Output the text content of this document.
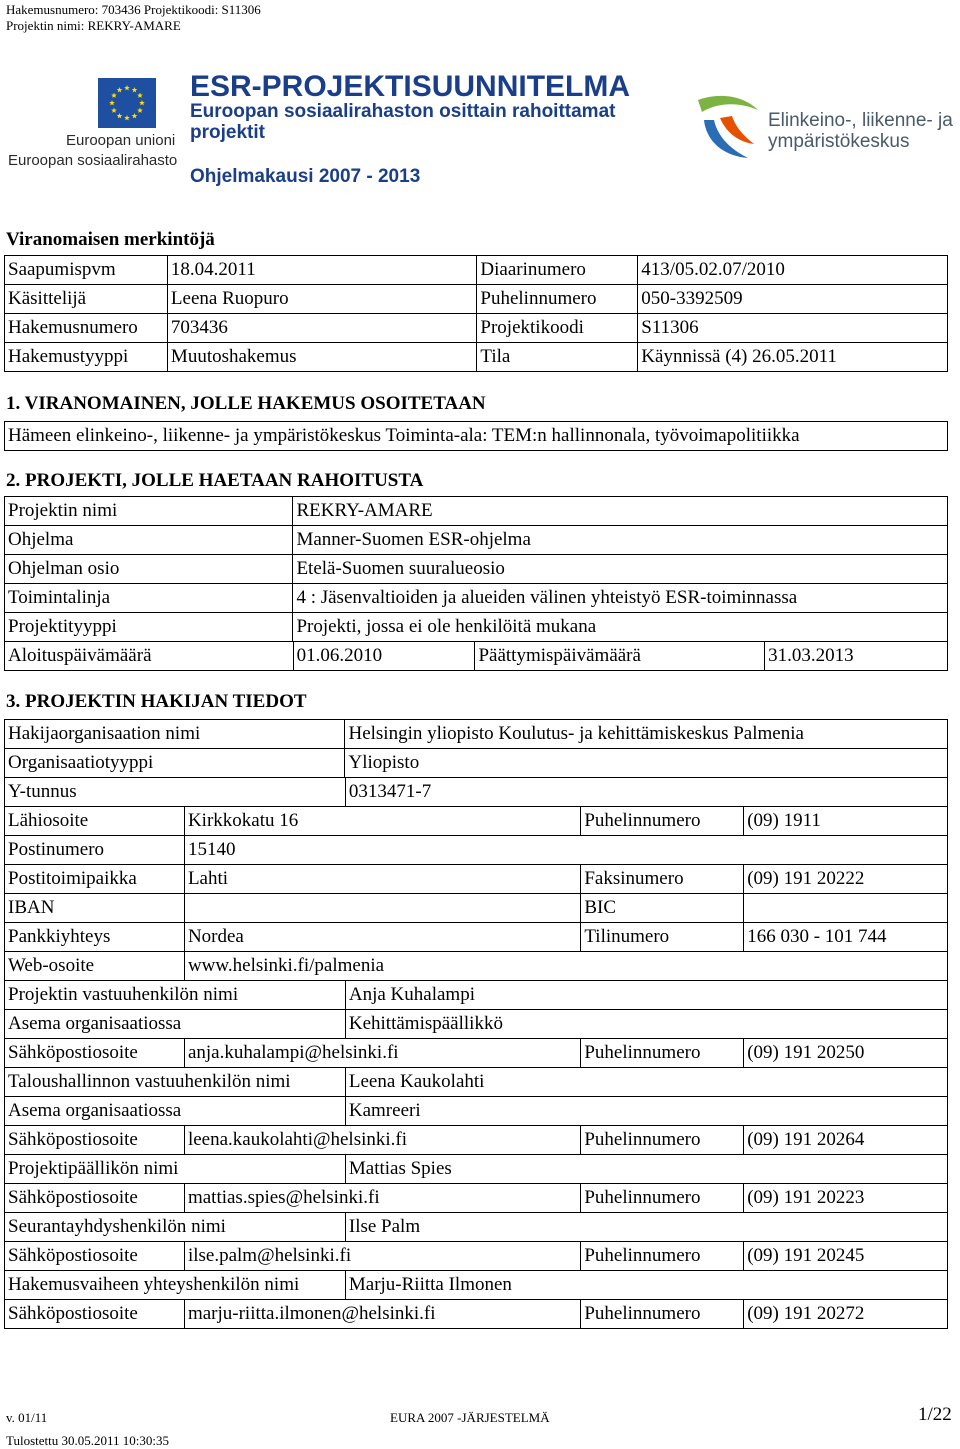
Hakemusnumero: 703436 Projektikoodi: S11306
Projektin nimi: REKRY-AMARE
Euroopan unioni
Euroopan sosiaalirahasto
ESR-PROJEKTISUUNNITELMA
Euroopan sosiaalirahaston osittain rahoittamat projektit
Ohjelmakausi 2007 - 2013
Elinkeino-, liikenne- ja
ympäristökeskus
Viranomaisen merkintöjä
Saapumispvm	18.04.2011	Diaarinumero	413/05.02.07/2010
Käsittelijä	Leena Ruopuro	Puhelinnumero	050-3392509
Hakemusnumero	703436	Projektikoodi	S11306
Hakemustyyppi	Muutoshakemus	Tila	Käynnissä (4) 26.05.2011
1. VIRANOMAINEN, JOLLE HAKEMUS OSOITETAAN
Hämeen elinkeino-, liikenne- ja ympäristökeskus Toiminta-ala: TEM:n hallinnonala, työvoimapolitiikka
2. PROJEKTI, JOLLE HAETAAN RAHOITUSTA
Projektin nimi	REKRY-AMARE
Ohjelma	Manner-Suomen ESR-ohjelma
Ohjelman osio	Etelä-Suomen suuralueosio
Toimintalinja	4 : Jäsenvaltioiden ja alueiden välinen yhteistyö ESR-toiminnassa
Projektityyppi	Projekti, jossa ei ole henkilöitä mukana
Aloituspäivämäärä	01.06.2010	Päättymispäivämäärä	31.03.2013
3. PROJEKTIN HAKIJAN TIEDOT
Hakijaorganisaation nimi	Helsingin yliopisto Koulutus- ja kehittämiskeskus Palmenia
Organisaatiotyyppi	Yliopisto
Y-tunnus		0313471-7		
Lähiosoite	Kirkkokatu 16		Puhelinnumero	(09) 1911
Postinumero	15140			
Postitoimipaikka	Lahti		Faksinumero	(09) 191 20222
IBAN			BIC	
Pankkiyhteys	Nordea		Tilinumero	166 030 - 101 744
Web-osoite	www.helsinki.fi/palmenia			
Projektin vastuuhenkilön nimi		Anja Kuhalampi		
Asema organisaatiossa		Kehittämispäällikkö		
Sähköpostiosoite	anja.kuhalampi@helsinki.fi		Puhelinnumero	(09) 191 20250
Taloushallinnon vastuuhenkilön nimi		Leena Kaukolahti		
Asema organisaatiossa		Kamreeri		
Sähköpostiosoite	leena.kaukolahti@helsinki.fi		Puhelinnumero	(09) 191 20264
Projektipäällikön nimi		Mattias Spies		
Sähköpostiosoite	mattias.spies@helsinki.fi		Puhelinnumero	(09) 191 20223
Seurantayhdyshenkilön nimi		Ilse Palm		
Sähköpostiosoite	ilse.palm@helsinki.fi		Puhelinnumero	(09) 191 20245
Hakemusvaiheen yhteyshenkilön nimi		Marju-Riitta Ilmonen		
Sähköpostiosoite	marju-riitta.ilmonen@helsinki.fi		Puhelinnumero	(09) 191 20272
v. 01/11	EURA 2007 -JÄRJESTELMÄ	1/22
Tulostettu 30.05.2011 10:30:35
